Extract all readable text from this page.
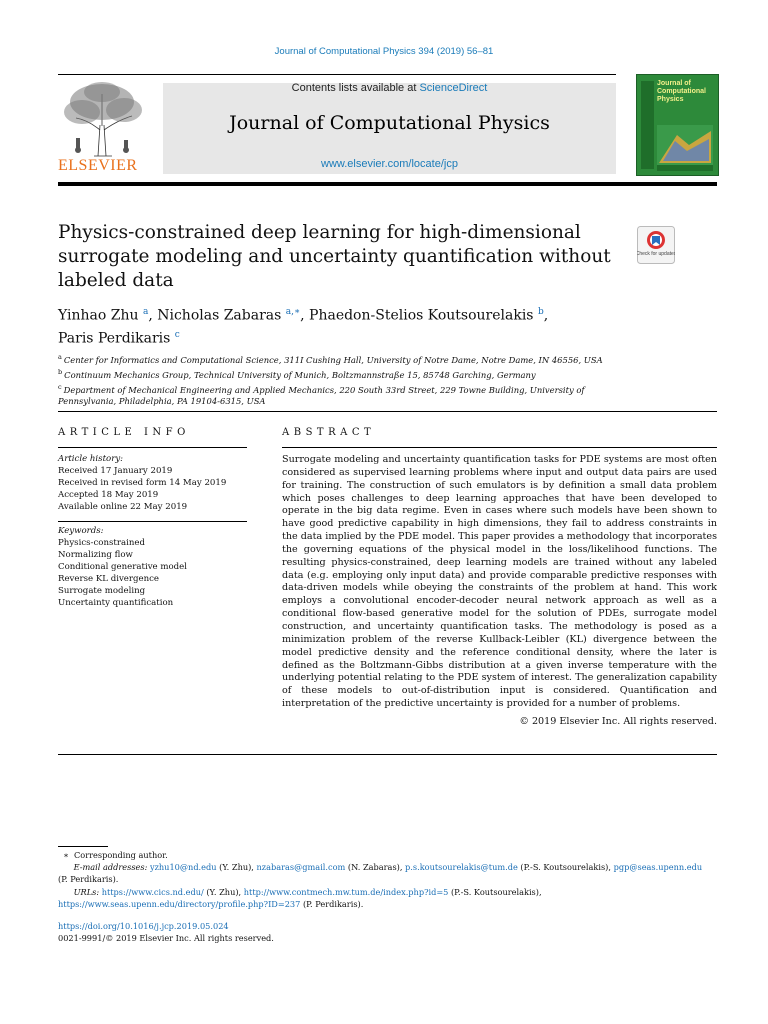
Journal of Computational Physics 394 (2019) 56–81
ELSEVIER
Contents lists available at ScienceDirect
Journal of Computational Physics
www.elsevier.com/locate/jcp
Journal of Computational Physics
Physics-constrained deep learning for high-dimensional surrogate modeling and uncertainty quantification without labeled data
Check for updates
Yinhao Zhu $^a$, Nicholas Zabaras $^{a,∗}$, Phaedon-Stelios Koutsourelakis $^b$,
Paris Perdikaris $^c$
$^a$ Center for Informatics and Computational Science, 311I Cushing Hall, University of Notre Dame, Notre Dame, IN 46556, USA
$^b$ Continuum Mechanics Group, Technical University of Munich, Boltzmannstraße 15, 85748 Garching, Germany
$^c$ Department of Mechanical Engineering and Applied Mechanics, 220 South 33rd Street, 229 Towne Building, University of Pennsylvania, Philadelphia, PA 19104-6315, USA
ARTICLE INFO
Article history:
Received 17 January 2019
Received in revised form 14 May 2019
Accepted 18 May 2019
Available online 22 May 2019
Keywords:
Physics-constrained
Normalizing flow
Conditional generative model
Reverse KL divergence
Surrogate modeling
Uncertainty quantification
ABSTRACT
Surrogate modeling and uncertainty quantification tasks for PDE systems are most often considered as supervised learning problems where input and output data pairs are used for training. The construction of such emulators is by definition a small data problem which poses challenges to deep learning approaches that have been developed to operate in the big data regime. Even in cases where such models have been shown to have good predictive capability in high dimensions, they fail to address constraints in the data implied by the PDE model. This paper provides a methodology that incorporates the governing equations of the physical model in the loss/likelihood functions. The resulting physics-constrained, deep learning models are trained without any labeled data (e.g. employing only input data) and provide comparable predictive responses with data-driven models while obeying the constraints of the problem at hand. This work employs a convolutional encoder-decoder neural network approach as well as a conditional flow-based generative model for the solution of PDEs, surrogate model construction, and uncertainty quantification tasks. The methodology is posed as a minimization problem of the reverse Kullback-Leibler (KL) divergence between the model predictive density and the reference conditional density, where the later is defined as the Boltzmann-Gibbs distribution at a given inverse temperature with the underlying potential relating to the PDE system of interest. The generalization capability of these models to out-of-distribution input is considered. Quantification and interpretation of the predictive uncertainty is provided for a number of problems.
© 2019 Elsevier Inc. All rights reserved.
∗ Corresponding author.
E-mail addresses: yzhu10@nd.edu (Y. Zhu), nzabaras@gmail.com (N. Zabaras), p.s.koutsourelakis@tum.de (P.-S. Koutsourelakis), pgp@seas.upenn.edu
(P. Perdikaris).
URLs: https://www.cics.nd.edu/ (Y. Zhu), http://www.contmech.mw.tum.de/index.php?id=5 (P.-S. Koutsourelakis),
https://www.seas.upenn.edu/directory/profile.php?ID=237 (P. Perdikaris).
https://doi.org/10.1016/j.jcp.2019.05.024
0021-9991/© 2019 Elsevier Inc. All rights reserved.
